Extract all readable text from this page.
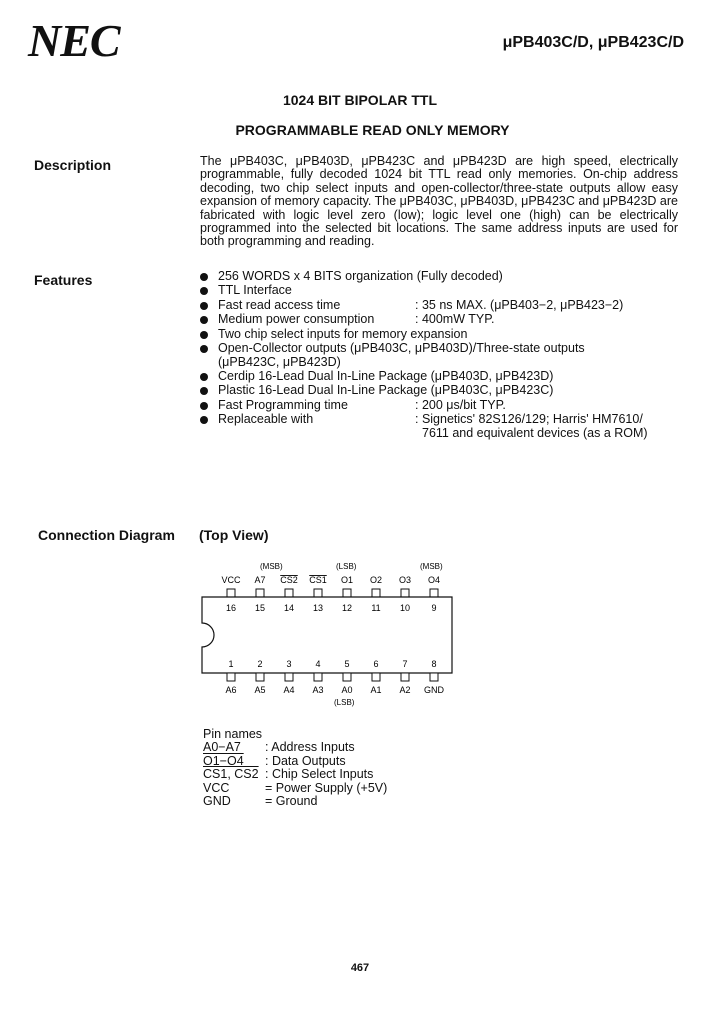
NEC	μPB403C/D, μPB423C/D
1024 BIT BIPOLAR TTL
PROGRAMMABLE READ ONLY MEMORY
Description	The μPB403C, μPB403D, μPB423C and μPB423D are high speed, electrically programmable, fully decoded 1024 bit TTL read only memories. On-chip address decoding, two chip select inputs and open-collector/three-state outputs allow easy expansion of memory capacity. The μPB403C, μPB403D, μPB423C and μPB423D are fabricated with logic level zero (low); logic level one (high) can be electrically programmed into the selected bit locations. The same address inputs are used for both programming and reading.
Features	256 WORDS x 4 BITS organization (Fully decoded)
TTL Interface
Fast read access time	: 35 ns MAX. (μPB403−2, μPB423−2)
Medium power consumption	: 400mW TYP.
Two chip select inputs for memory expansion
Open-Collector outputs (μPB403C, μPB403D)/Three-state outputs
(μPB423C, μPB423D)
Cerdip 16-Lead Dual In-Line Package (μPB403D, μPB423D)
Plastic 16-Lead Dual In-Line Package (μPB403C, μPB423C)
Fast Programming time	: 200 μs/bit TYP.
Replaceable with	: Signetics' 82S126/129; Harris' HM7610/
7611 and equivalent devices (as a ROM)
Connection Diagram (Top View)
(MSB)	(LSB)	(MSB)
VCC
16
A7
15
CS2
14
CS1
13
O1
12
O2
11
O3
10
O4
9
1
A6
2
A5
3
A4
4
A3
5
A0
6
A1
7
A2
8
GND
(LSB)
Pin names
A0−A7	: Address Inputs
O1−O4	: Data Outputs
CS1, CS2 : Chip Select Inputs
VCC	= Power Supply (+5V)
GND	= Ground
467
